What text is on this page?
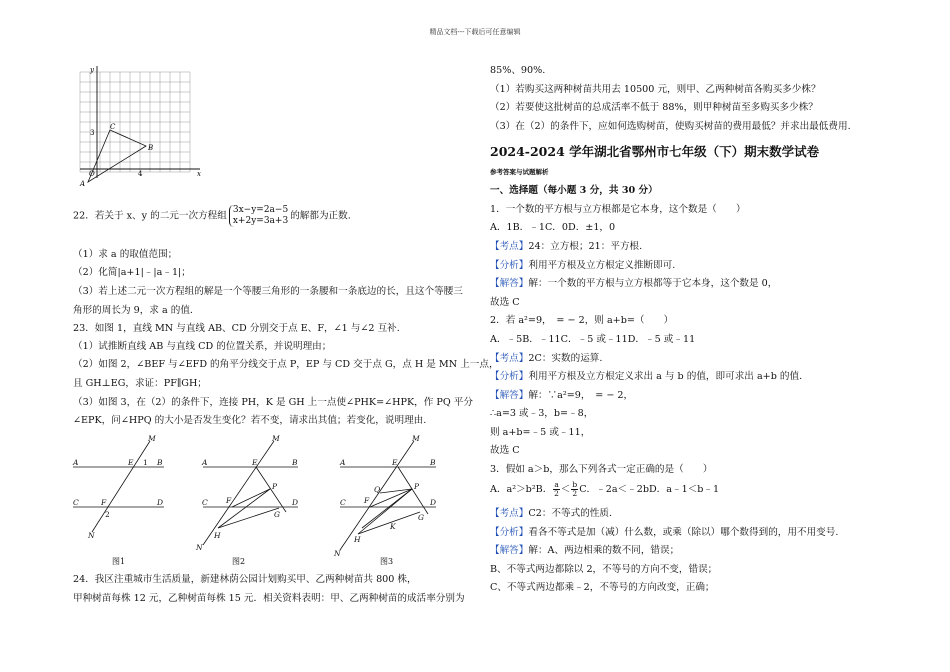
精品文档---下载后可任意编辑
y
x
C
B
A
O
3
4
22．若关于 x、y 的二元一次方程组
3x−y=2a−5
x+2y=3a+3 的解都为正数.
（1）求 a 的取值范围；
（2）化简|a+1|﹣|a﹣1|；
（3）若上述二元一次方程组的解是一个等腰三角形的一条腰和一条底边的长，且这个等腰三
角形的周长为 9，求 a 的值.
23．如图 1，直线 MN 与直线 AB、CD 分别交于点 E、F，∠1 与∠2 互补.
（1）试推断直线 AB 与直线 CD 的位置关系，并说明理由；
（2）如图 2，∠BEF 与∠EFD 的角平分线交于点 P，EP 与 CD 交于点 G，点 H 是 MN 上一点，
且 GH⊥EG，求证：PF∥GH；
（3）如图 3，在（2）的条件下，连接 PH，K 是 GH 上一点使∠PHK=∠HPK，作 PQ 平分
∠EPK，问∠HPQ 的大小是否发生变化？若不变，请求出其值；若变化，说明理由.
M
A	E 1 B
C	F	D
2
N
M
A	E	B
P
C F	D
G
H
N
M
A	E	B
Q	P
C F	D
G
K
H
N
图1	图2	图3
24．我区注重城市生活质量，新建林荫公园计划购买甲、乙两种树苗共 800 株，
甲种树苗每株 12 元，乙种树苗每株 15 元．相关资料表明：甲、乙两种树苗的成活率分别为
85%、90%.
（1）若购买这两种树苗共用去 10500 元，则甲、乙两种树苗各购买多少株？
（2）若要使这批树苗的总成活率不低于 88%，则甲种树苗至多购买多少株？
（3）在（2）的条件下，应如何选购树苗，使购买树苗的费用最低？并求出最低费用.
2024-2024 学年湖北省鄂州市七年级（下）期末数学试卷
参考答案与试题解析
一、选择题（每小题 3 分，共 30 分）
1．一个数的平方根与立方根都是它本身，这个数是（　　）
A．1B．﹣1C．0D．±1，0
【考点】24：立方根；21：平方根.
【分析】利用平方根及立方根定义推断即可.
【解答】解：一个数的平方根与立方根都等于它本身，这个数是 0，
故选 C
2．若 a²=9，　= − 2，则 a+b=（　　）
A．﹣5B．﹣11C．﹣5 或﹣11D．﹣5 或﹣11
【考点】2C：实数的运算.
【分析】利用平方根及立方根定义求出 a 与 b 的值，即可求出 a+b 的值.
【解答】解：∵a²=9，　= − 2，
∴a=3 或﹣3，b=﹣8，
则 a+b=﹣5 或﹣11，
故选 C
3．假如 a＞b，那么下列各式一定正确的是（　　）
A．a²＞b²B． $\frac{a}{2} < \frac{b}{2}$ C．﹣2a＜﹣2bD．a﹣1＜b﹣1
【考点】C2：不等式的性质.
【分析】看各不等式是加（减）什么数，或乘（除以）哪个数得到的，用不用变号.
【解答】解：A、两边相乘的数不同，错误；
B、不等式两边都除以 2，不等号的方向不变，错误；
C、不等式两边都乘﹣2，不等号的方向改变，正确；
